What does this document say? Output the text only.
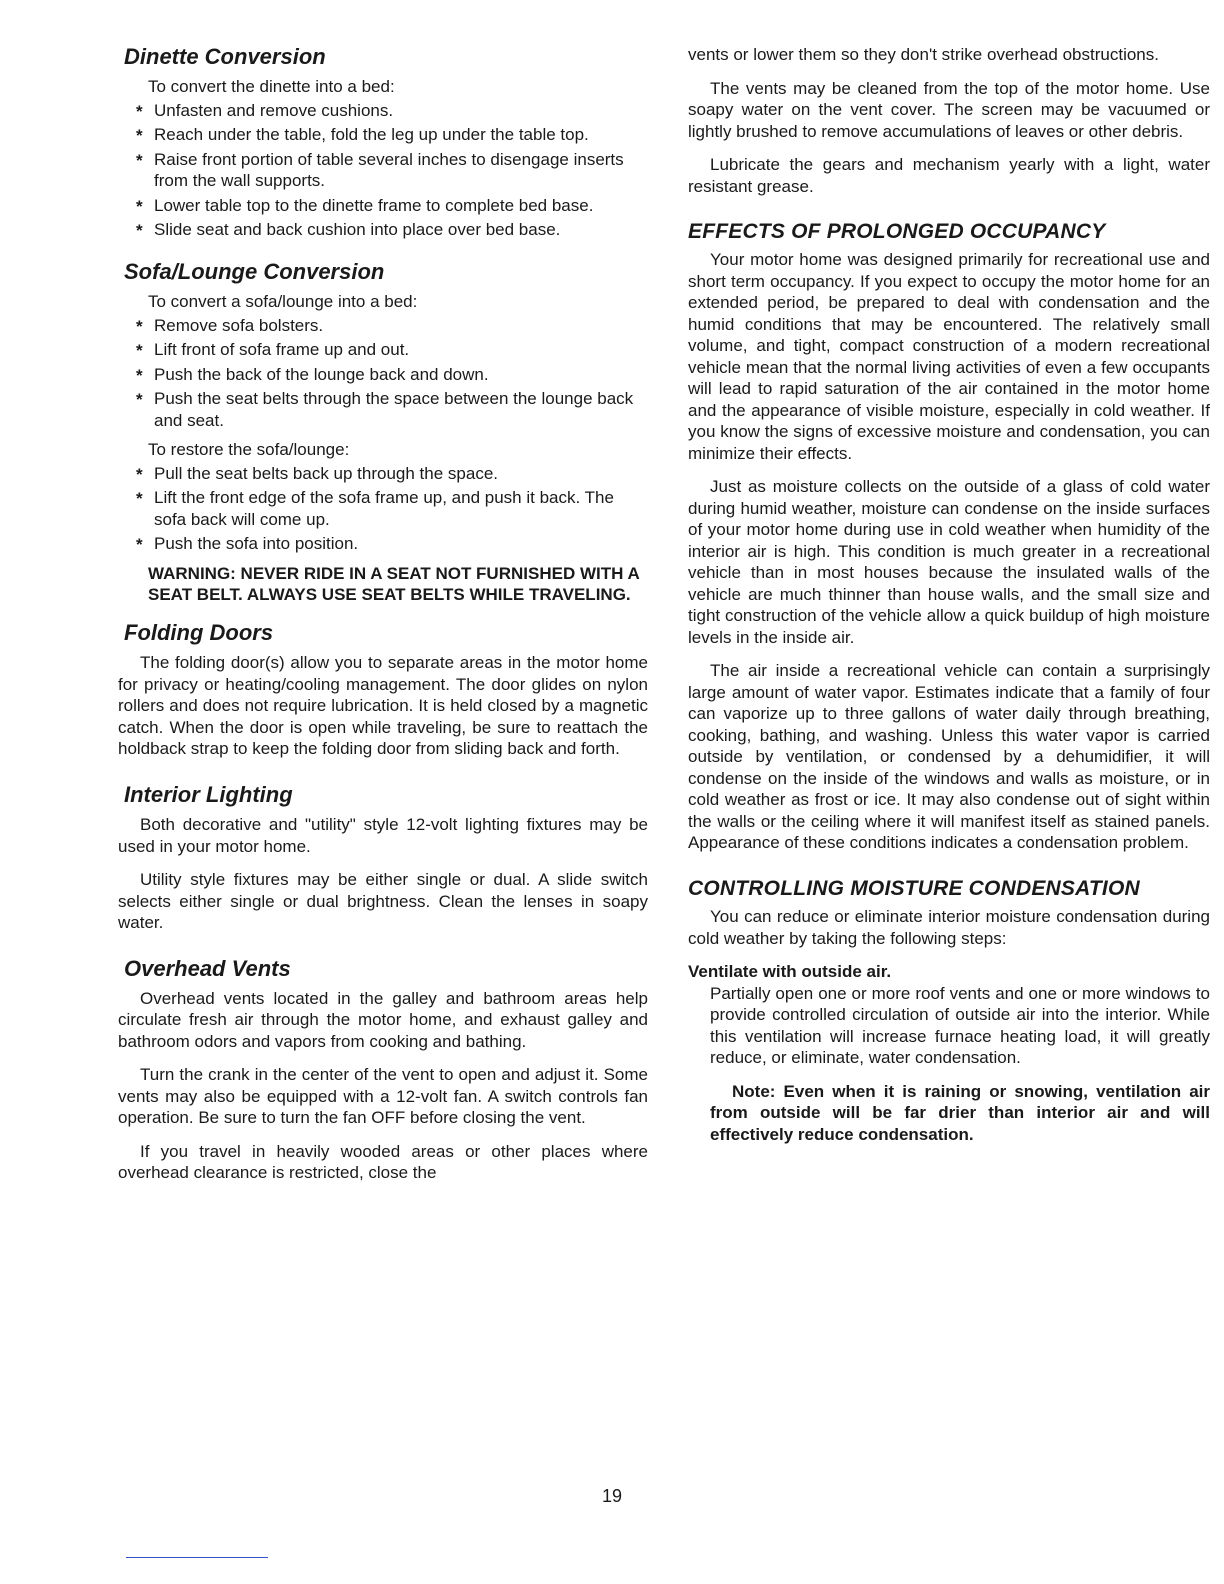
Dinette Conversion
To convert the dinette into a bed:
* Unfasten and remove cushions.
* Reach under the table, fold the leg up under the table top.
* Raise front portion of table several inches to disengage inserts from the wall supports.
* Lower table top to the dinette frame to complete bed base.
* Slide seat and back cushion into place over bed base.
Sofa/Lounge Conversion
To convert a sofa/lounge into a bed:
* Remove sofa bolsters.
* Lift front of sofa frame up and out.
* Push the back of the lounge back and down.
* Push the seat belts through the space between the lounge back and seat.
To restore the sofa/lounge:
* Pull the seat belts back up through the space.
* Lift the front edge of the sofa frame up, and push it back. The sofa back will come up.
* Push the sofa into position.

WARNING: NEVER RIDE IN A SEAT NOT FURNISHED WITH A SEAT BELT. ALWAYS USE SEAT BELTS WHILE TRAVELING.

Folding Doors

The folding door(s) allow you to separate areas in the motor home for privacy or heating/cooling management. The door glides on nylon rollers and does not require lubrication. It is held closed by a magnetic catch. When the door is open while traveling, be sure to reattach the holdback strap to keep the folding door from sliding back and forth.

Interior Lighting

Both decorative and "utility" style 12-volt lighting fixtures may be used in your motor home.

Utility style fixtures may be either single or dual. A slide switch selects either single or dual brightness. Clean the lenses in soapy water.

Overhead Vents

Overhead vents located in the galley and bathroom areas help circulate fresh air through the motor home, and exhaust galley and bathroom odors and vapors from cooking and bathing.

Turn the crank in the center of the vent to open and adjust it. Some vents may also be equipped with a 12-volt fan. A switch controls fan operation. Be sure to turn the fan OFF before closing the vent.

If you travel in heavily wooded areas or other places where overhead clearance is restricted, close the

vents or lower them so they don't strike overhead obstructions.

The vents may be cleaned from the top of the motor home. Use soapy water on the vent cover. The screen may be vacuumed or lightly brushed to remove accumulations of leaves or other debris.

Lubricate the gears and mechanism yearly with a light, water resistant grease.

EFFECTS OF PROLONGED OCCUPANCY

Your motor home was designed primarily for recreational use and short term occupancy. If you expect to occupy the motor home for an extended period, be prepared to deal with condensation and the humid conditions that may be encountered. The relatively small volume, and tight, compact construction of a modern recreational vehicle mean that the normal living activities of even a few occupants will lead to rapid saturation of the air contained in the motor home and the appearance of visible moisture, especially in cold weather. If you know the signs of excessive moisture and condensation, you can minimize their effects.

Just as moisture collects on the outside of a glass of cold water during humid weather, moisture can condense on the inside surfaces of your motor home during use in cold weather when humidity of the interior air is high. This condition is much greater in a recreational vehicle than in most houses because the insulated walls of the vehicle are much thinner than house walls, and the small size and tight construction of the vehicle allow a quick buildup of high moisture levels in the inside air.

The air inside a recreational vehicle can contain a surprisingly large amount of water vapor. Estimates indicate that a family of four can vaporize up to three gallons of water daily through breathing, cooking, bathing, and washing. Unless this water vapor is carried outside by ventilation, or condensed by a dehumidifier, it will condense on the inside of the windows and walls as moisture, or in cold weather as frost or ice. It may also condense out of sight within the walls or the ceiling where it will manifest itself as stained panels. Appearance of these conditions indicates a condensation problem.

CONTROLLING MOISTURE CONDENSATION

You can reduce or eliminate interior moisture condensation during cold weather by taking the following steps:

Ventilate with outside air.

Partially open one or more roof vents and one or more windows to provide controlled circulation of outside air into the interior. While this ventilation will increase furnace heating load, it will greatly reduce, or eliminate, water condensation.

Note: Even when it is raining or snowing, ventilation air from outside will be far drier than interior air and will effectively reduce condensation.

19
